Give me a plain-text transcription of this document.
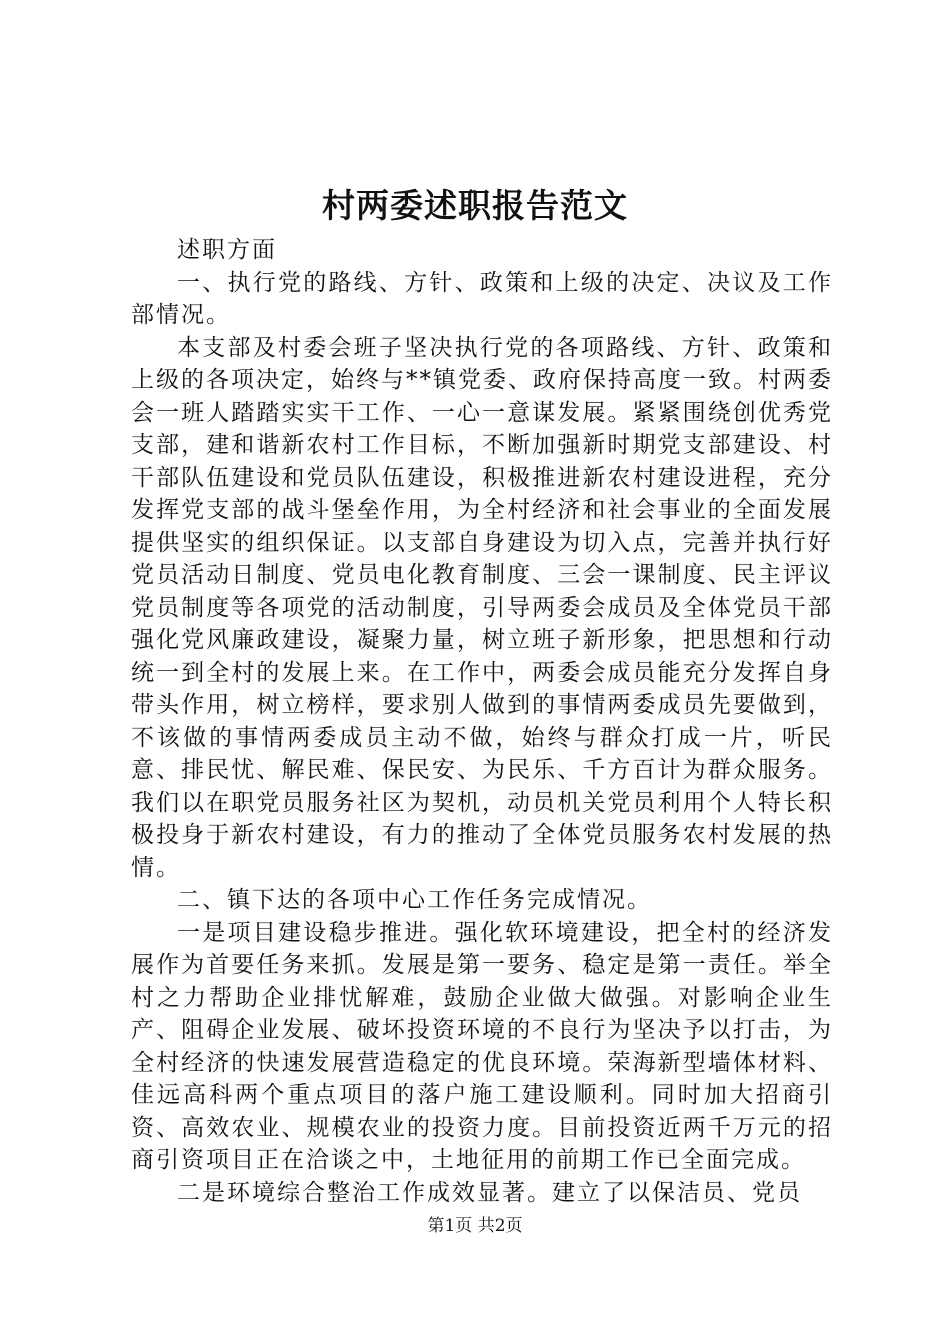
村两委述职报告范文

述职方面

一、执行党的路线、方针、政策和上级的决定、决议及工作部情况。

本支部及村委会班子坚决执行党的各项路线、方针、政策和上级的各项决定，始终与**镇党委、政府保持高度一致。村两委会一班人踏踏实实干工作、一心一意谋发展。紧紧围绕创优秀党支部，建和谐新农村工作目标，不断加强新时期党支部建设、村干部队伍建设和党员队伍建设，积极推进新农村建设进程，充分发挥党支部的战斗堡垒作用，为全村经济和社会事业的全面发展提供坚实的组织保证。以支部自身建设为切入点，完善并执行好党员活动日制度、党员电化教育制度、三会一课制度、民主评议党员制度等各项党的活动制度，引导两委会成员及全体党员干部强化党风廉政建设，凝聚力量，树立班子新形象，把思想和行动统一到全村的发展上来。在工作中，两委会成员能充分发挥自身带头作用，树立榜样，要求别人做到的事情两委成员先要做到，不该做的事情两委成员主动不做，始终与群众打成一片，听民意、排民忧、解民难、保民安、为民乐、千方百计为群众服务。我们以在职党员服务社区为契机，动员机关党员利用个人特长积极投身于新农村建设，有力的推动了全体党员服务农村发展的热情。

二、镇下达的各项中心工作任务完成情况。

一是项目建设稳步推进。强化软环境建设，把全村的经济发展作为首要任务来抓。发展是第一要务、稳定是第一责任。举全村之力帮助企业排忧解难，鼓励企业做大做强。对影响企业生产、阻碍企业发展、破坏投资环境的不良行为坚决予以打击，为全村经济的快速发展营造稳定的优良环境。荣海新型墙体材料、佳远高科两个重点项目的落户施工建设顺利。同时加大招商引资、高效农业、规模农业的投资力度。目前投资近两千万元的招商引资项目正在洽谈之中，土地征用的前期工作已全面完成。

二是环境综合整治工作成效显著。建立了以保洁员、党员

第1页 共2页
